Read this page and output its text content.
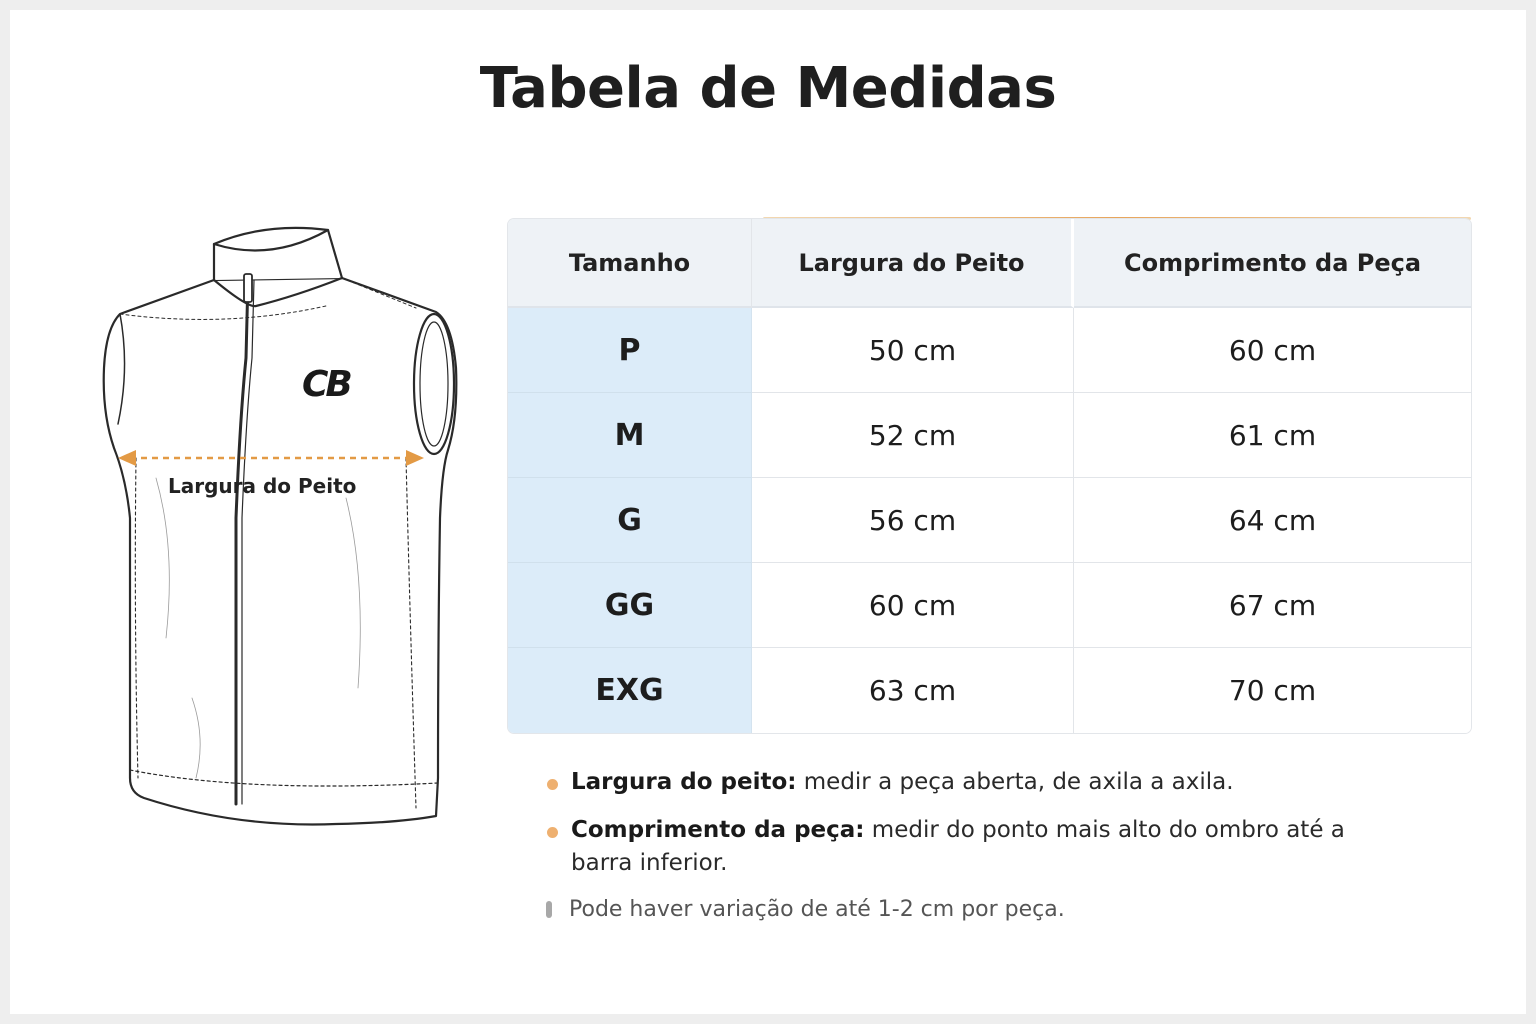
Tabela de Medidas
CB
Largura do Peito
Tamanho	Largura do Peito	Comprimento da Peça
P	50 cm	60 cm
M	52 cm	61 cm
G	56 cm	64 cm
GG	60 cm	67 cm
EXG	63 cm	70 cm
Largura do peito: medir a peça aberta, de axila a axila.
Comprimento da peça: medir do ponto mais alto do ombro até a barra inferior.
Pode haver variação de até 1-2 cm por peça.
